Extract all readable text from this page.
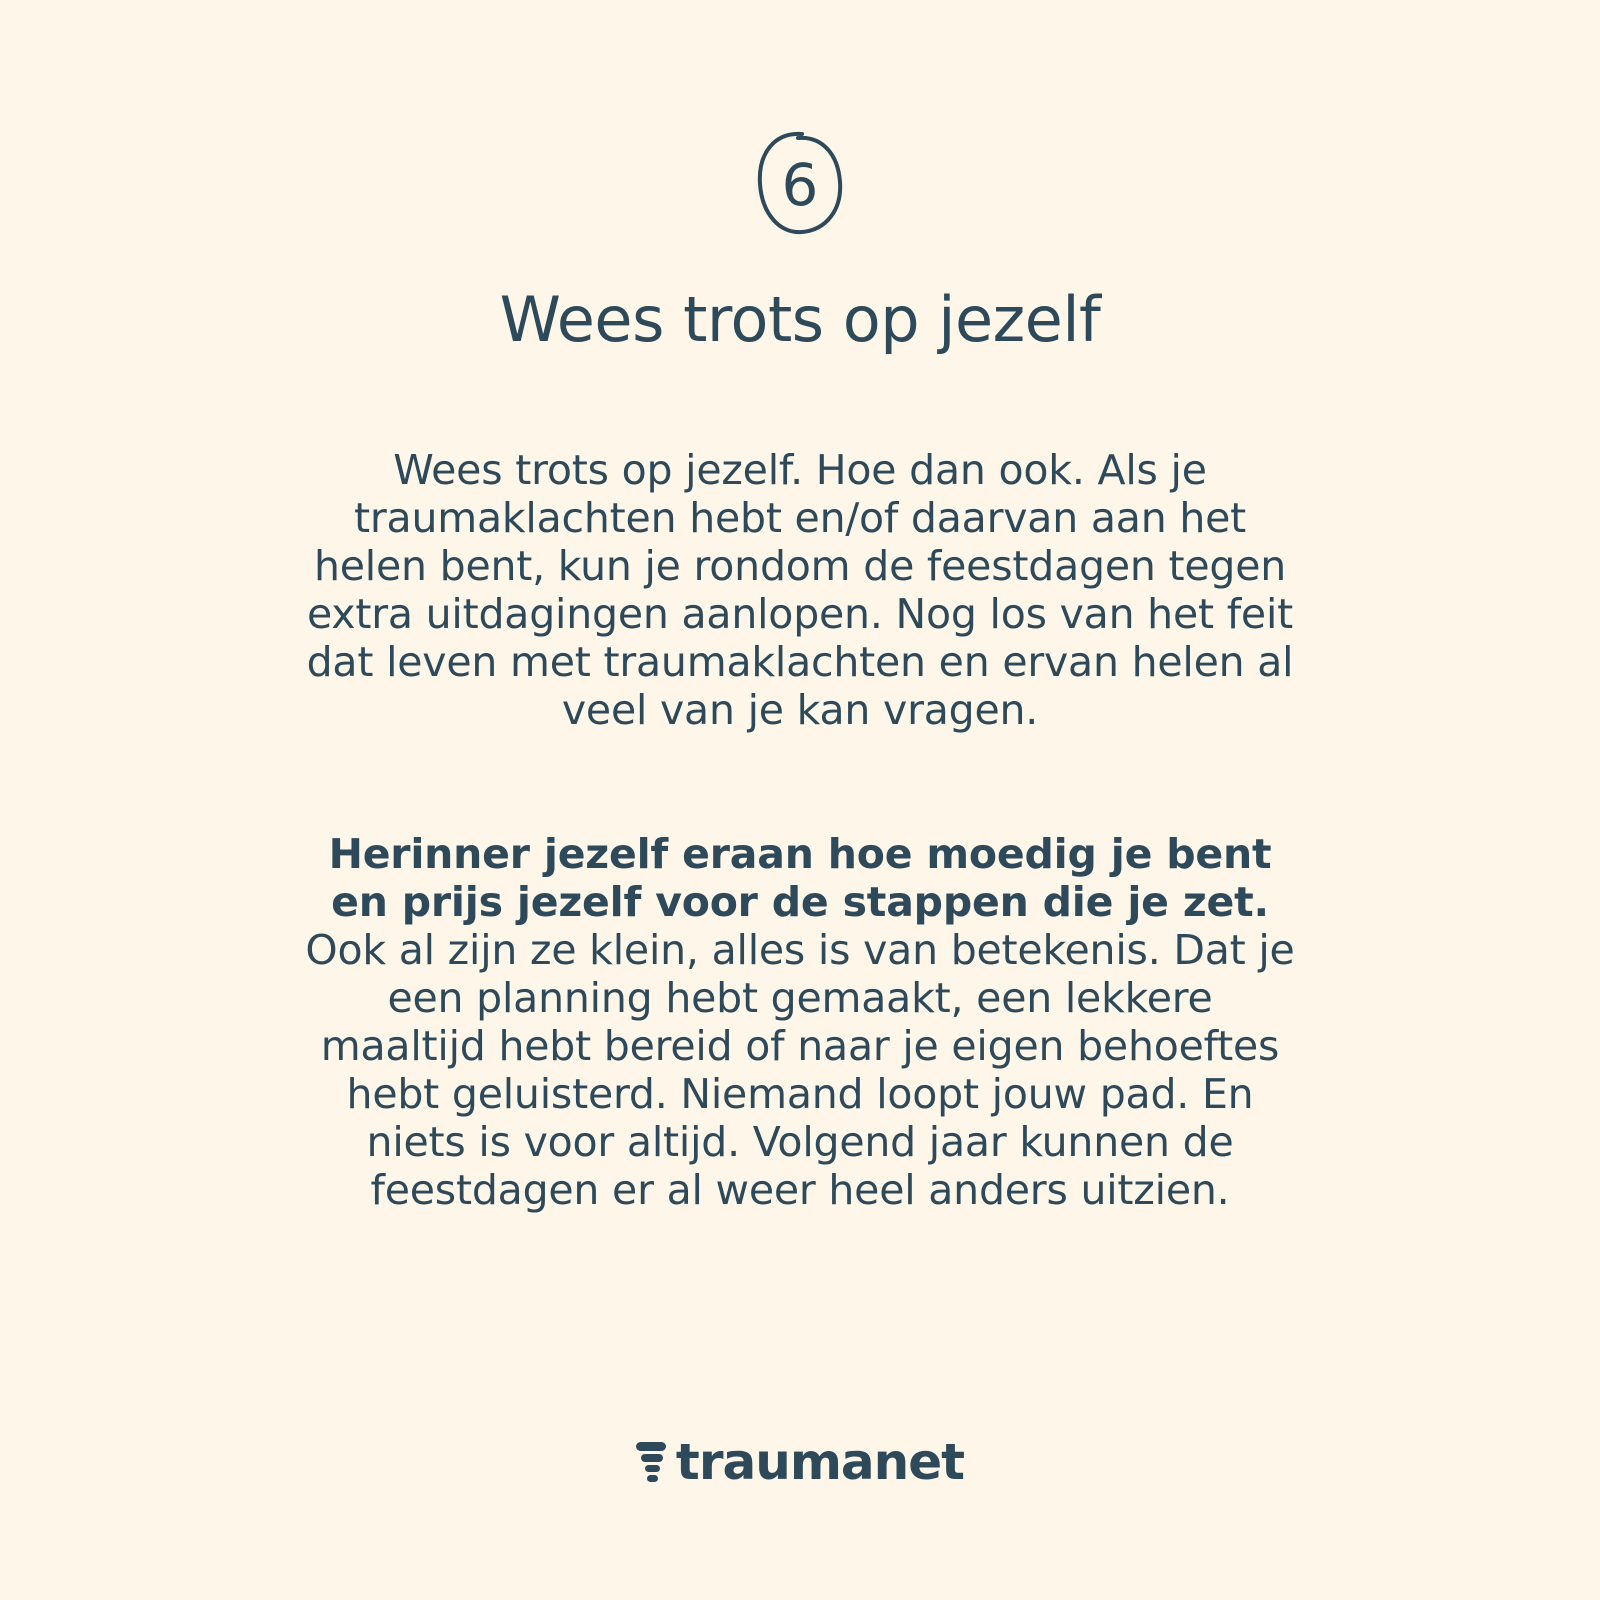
6
Wees trots op jezelf

Wees trots op jezelf. Hoe dan ook. Als je traumaklachten hebt en/of daarvan aan het helen bent, kun je rondom de feestdagen tegen extra uitdagingen aanlopen. Nog los van het feit dat leven met traumaklachten en ervan helen al veel van je kan vragen.

Herinner jezelf eraan hoe moedig je bent en prijs jezelf voor de stappen die je zet. Ook al zijn ze klein, alles is van betekenis. Dat je een planning hebt gemaakt, een lekkere maaltijd hebt bereid of naar je eigen behoeftes hebt geluisterd. Niemand loopt jouw pad. En niets is voor altijd. Volgend jaar kunnen de feestdagen er al weer heel anders uitzien.

traumanet
